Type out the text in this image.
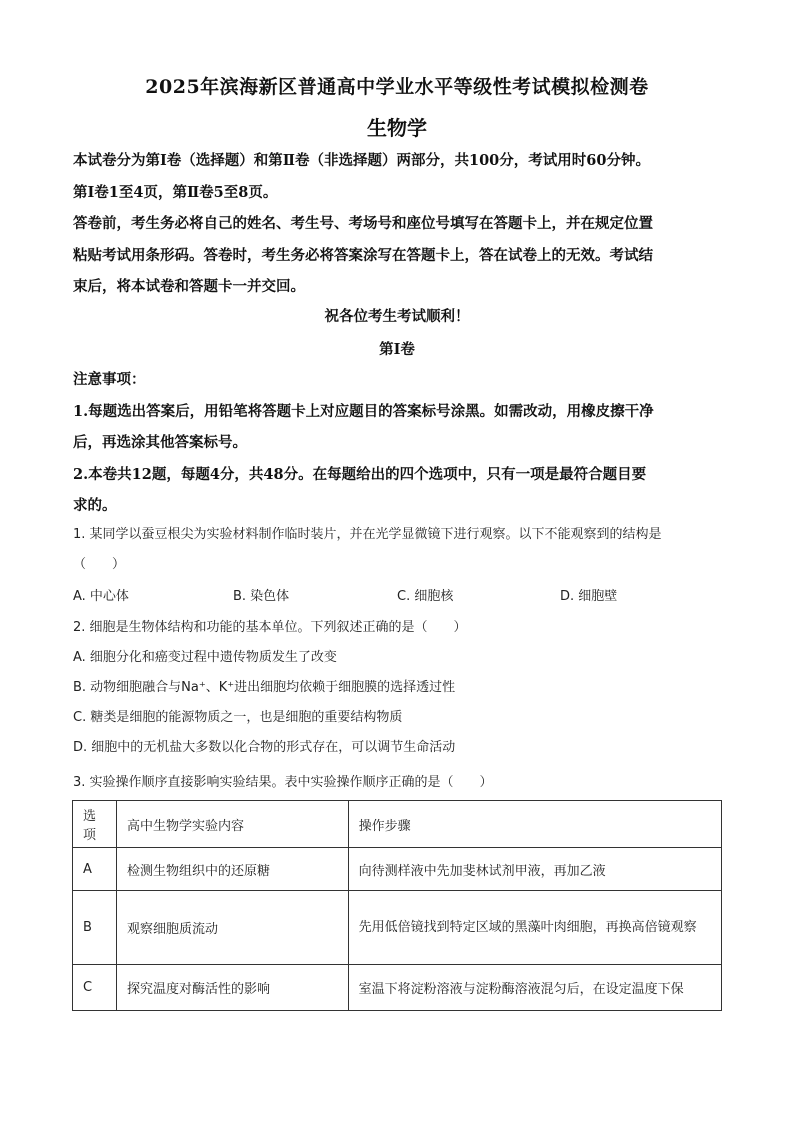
2025年滨海新区普通高中学业水平等级性考试模拟检测卷
生物学
本试卷分为第Ⅰ卷（选择题）和第Ⅱ卷（非选择题）两部分，共100分，考试用时60分钟。
第Ⅰ卷1至4页，第Ⅱ卷5至8页。
答卷前，考生务必将自己的姓名、考生号、考场号和座位号填写在答题卡上，并在规定位置
粘贴考试用条形码。答卷时，考生务必将答案涂写在答题卡上，答在试卷上的无效。考试结
束后，将本试卷和答题卡一并交回。
祝各位考生考试顺利！
第Ⅰ卷
注意事项：
1.每题选出答案后，用铅笔将答题卡上对应题目的答案标号涂黑。如需改动，用橡皮擦干净
后，再选涂其他答案标号。
2.本卷共12题，每题4分，共48分。在每题给出的四个选项中，只有一项是最符合题目要
求的。
1. 某同学以蚕豆根尖为实验材料制作临时装片，并在光学显微镜下进行观察。以下不能观察到的结构是
（　　）
A. 中心体	B. 染色体	C. 细胞核	D. 细胞壁
2. 细胞是生物体结构和功能的基本单位。下列叙述正确的是（　　）
A. 细胞分化和癌变过程中遗传物质发生了改变
B. 动物细胞融合与Na⁺、K⁺进出细胞均依赖于细胞膜的选择透过性
C. 糖类是细胞的能源物质之一，也是细胞的重要结构物质
D. 细胞中的无机盐大多数以化合物的形式存在，可以调节生命活动
3. 实验操作顺序直接影响实验结果。表中实验操作顺序正确的是（　　）
选项	高中生物学实验内容	操作步骤
A	检测生物组织中的还原糖	向待测样液中先加斐林试剂甲液，再加乙液
B	观察细胞质流动	先用低倍镜找到特定区域的黑藻叶肉细胞，再换高倍镜观察
C	探究温度对酶活性的影响	室温下将淀粉溶液与淀粉酶溶液混匀后，在设定温度下保
